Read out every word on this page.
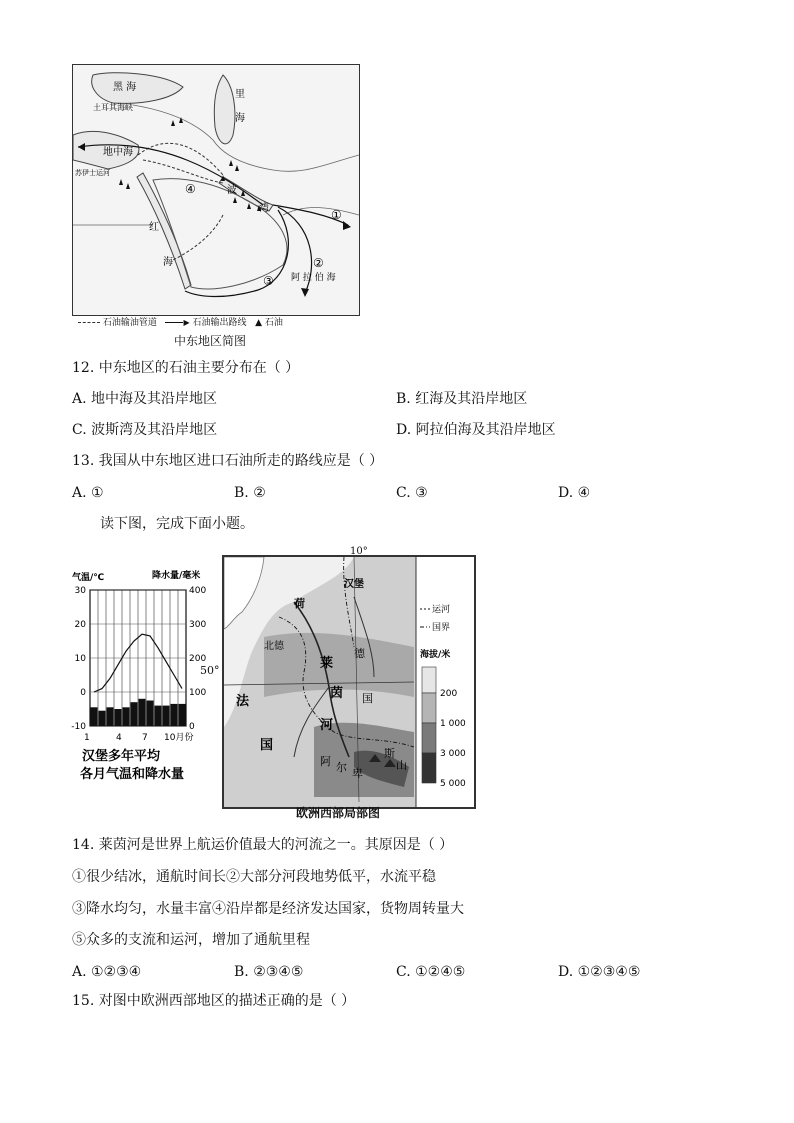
黑 海
土耳其海峡
里
海
地中海
苏伊士运河
波
湾
红
海
阿 拉 伯 海
①
②
③
④
石油输油管道	▶ 石油输出路线 ▲ 石油
中东地区简图
12. 中东地区的石油主要分布在（ ）
A. 地中海及其沿岸地区	B. 红海及其沿岸地区
C. 波斯湾及其沿岸地区	D. 阿拉伯海及其沿岸地区
13. 我国从中东地区进口石油所走的路线应是（ ）
A. ①	B. ②	C. ③	D. ④
读下图，完成下面小题。
气温/℃	降水量/毫米
30	400
20	300
10	200
0	100
-10	0
1	4 7 10月份
汉堡多年平均
各月气温和降水量
运河
国界
海拔/米
200
1 000
3 000
5 000
汉堡
荷
北德
德
国
法
国
莱
茵
河
阿 尔 卑
斯
山
10°
50°
欧洲西部局部图
14. 莱茵河是世界上航运价值最大的河流之一。其原因是（ ）
①很少结冰，通航时间长②大部分河段地势低平，水流平稳
③降水均匀，水量丰富④沿岸都是经济发达国家，货物周转量大
⑤众多的支流和运河，增加了通航里程
A. ①②③④	B. ②③④⑤	C. ①②④⑤	D. ①②③④⑤
15. 对图中欧洲西部地区的描述正确的是（ ）
